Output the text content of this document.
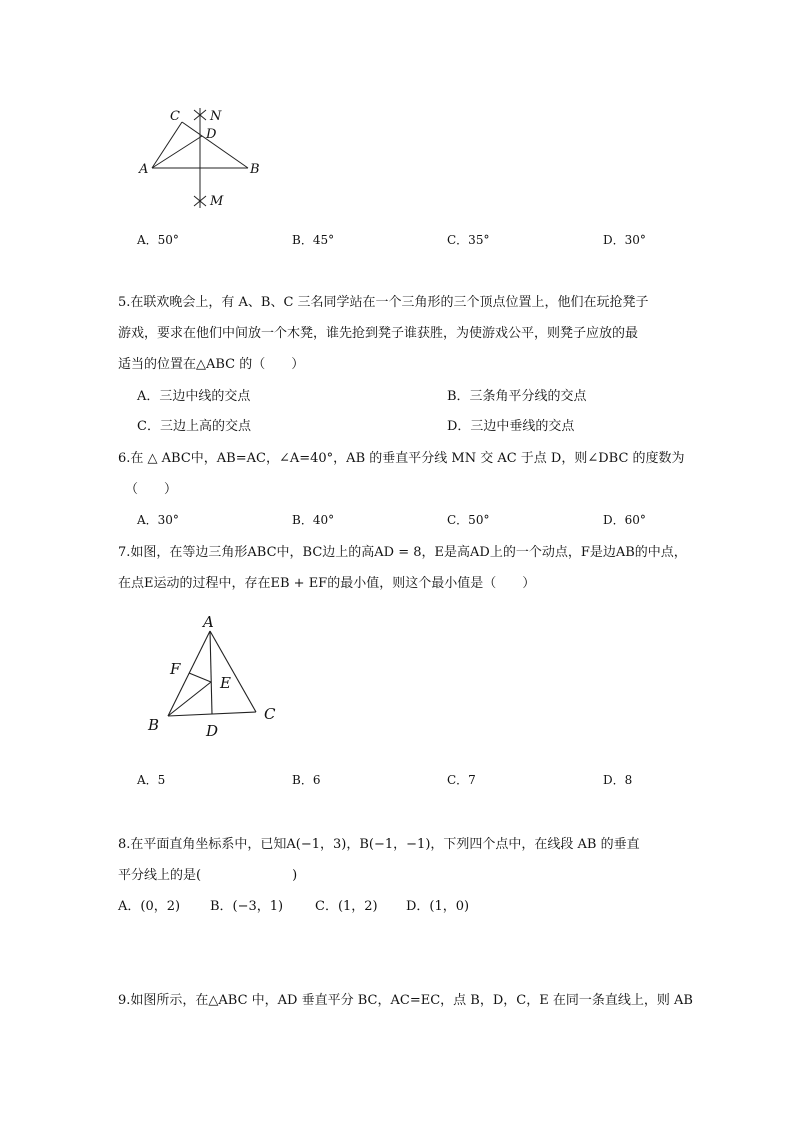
C N
D
A	B
M
A．50°	B．45°	C．35°	D．30°
5.在联欢晚会上，有 A、B、C 三名同学站在一个三角形的三个顶点位置上，他们在玩抢凳子
游戏，要求在他们中间放一个木凳，谁先抢到凳子谁获胜，为使游戏公平，则凳子应放的最
适当的位置在△ABC 的（　　）
A．三边中线的交点	B．三条角平分线的交点
C．三边上高的交点	D．三边中垂线的交点
6.在 △ ABC中，AB=AC，∠A=40°，AB 的垂直平分线 MN 交 AC 于点 D，则∠DBC 的度数为
（　　）
A．30°	B．40°	C．50°	D．60°
7.如图，在等边三角形ABC中，BC边上的高AD = 8，E是高AD上的一个动点，F是边AB的中点，
在点E运动的过程中，存在EB + EF的最小值，则这个最小值是（　　）
A
F
E
B
C
D
A．5	B．6	C．7	D．8
8.在平面直角坐标系中，已知A(−1，3)，B(−1，−1)，下列四个点中，在线段 AB 的垂直
平分线上的是(　　　　　　　)
A．(0，2) B．(−3，1) C．(1，2) D．(1，0)
9.如图所示，在△ABC 中，AD 垂直平分 BC，AC=EC，点 B，D，C，E 在同一条直线上，则 AB
